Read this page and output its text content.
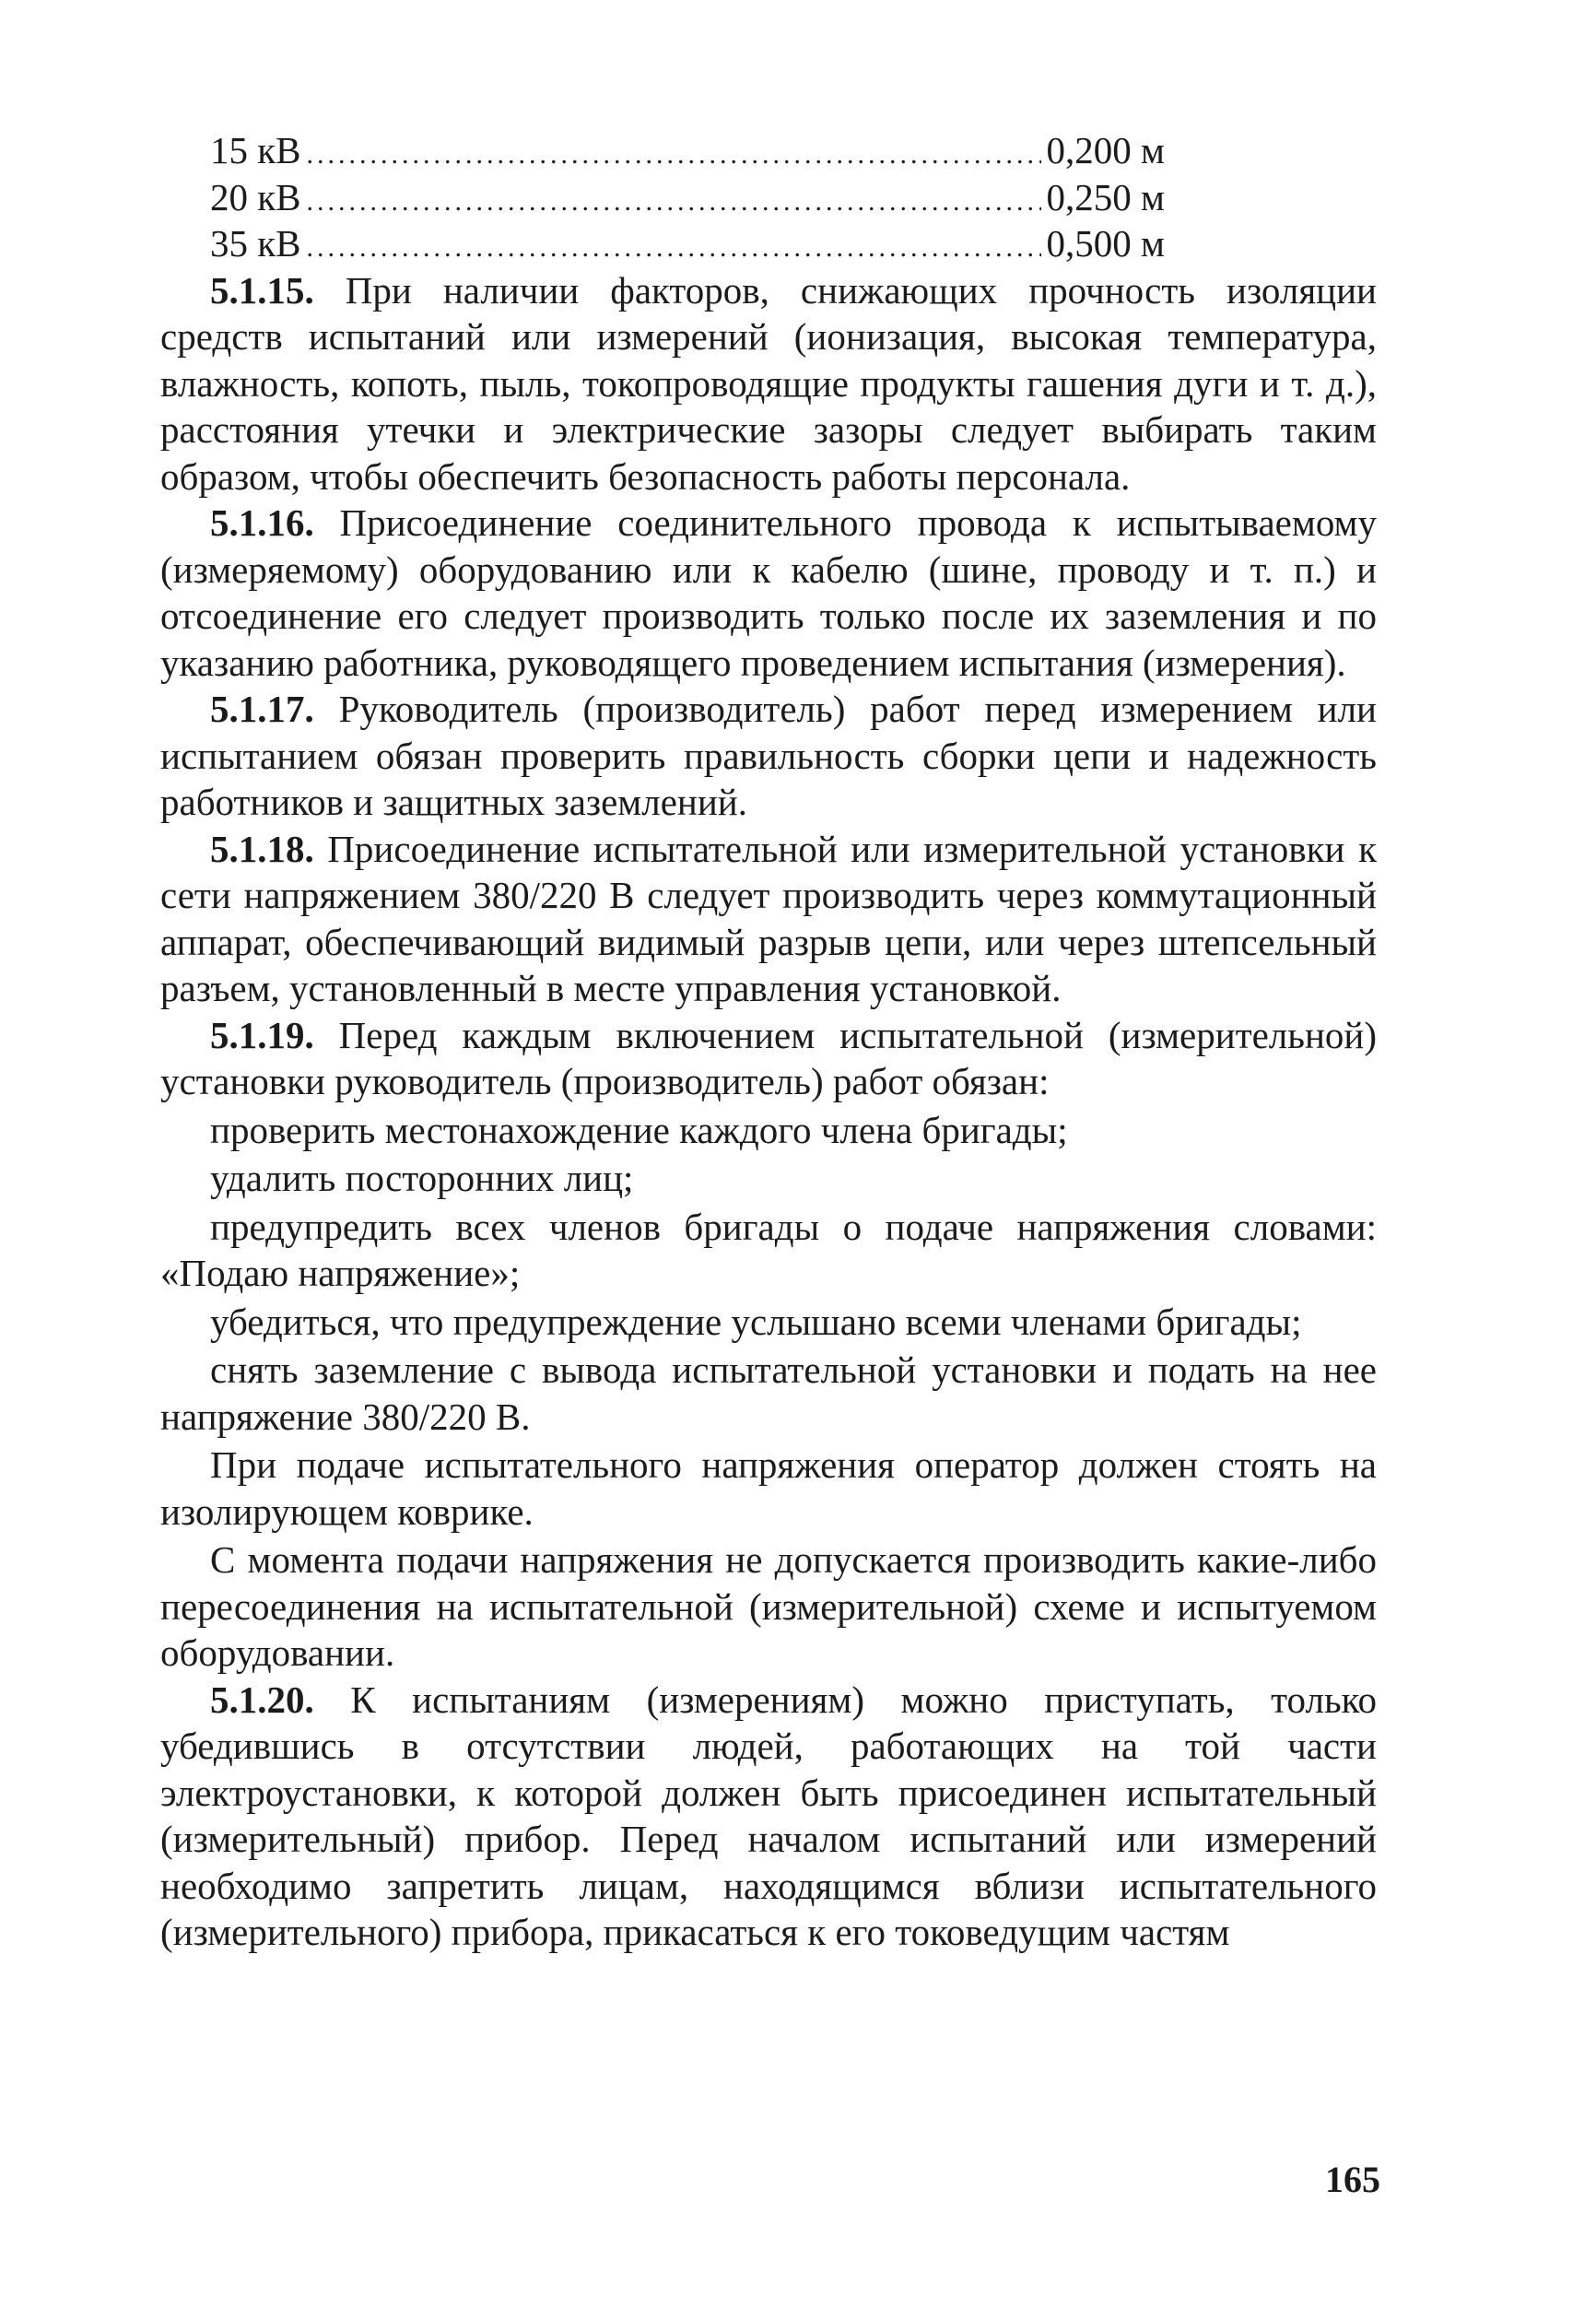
15 кВ .....	0,200 м
20 кВ .....	0,250 м
35 кВ .....	0,500 м

5.1.15. При наличии факторов, снижающих прочность изоляции средств испытаний или измерений (ионизация, высокая температура, влажность, копоть, пыль, токопроводящие продукты гашения дуги и т. д.), расстояния утечки и электрические зазоры следует выбирать таким образом, чтобы обеспечить безопасность работы персонала.

5.1.16. Присоединение соединительного провода к испытываемому (измеряемому) оборудованию или к кабелю (шине, проводу и т. п.) и отсоединение его следует производить только после их заземления и по указанию работника, руководящего проведением испытания (измерения).

5.1.17. Руководитель (производитель) работ перед измерением или испытанием обязан проверить правильность сборки цепи и надежность работников и защитных заземлений.

5.1.18. Присоединение испытательной или измерительной установки к сети напряжением 380/220 В следует производить через коммутационный аппарат, обеспечивающий видимый разрыв цепи, или через штепсельный разъем, установленный в месте управления установкой.

5.1.19. Перед каждым включением испытательной (измерительной) установки руководитель (производитель) работ обязан:

проверить местонахождение каждого члена бригады;

удалить посторонних лиц;

предупредить всех членов бригады о подаче напряжения словами: «Подаю напряжение»;

убедиться, что предупреждение услышано всеми членами бригады;

снять заземление с вывода испытательной установки и подать на нее напряжение 380/220 В.

При подаче испытательного напряжения оператор должен стоять на изолирующем коврике.

С момента подачи напряжения не допускается производить какие-либо пересоединения на испытательной (измерительной) схеме и испытуемом оборудовании.

5.1.20. К испытаниям (измерениям) можно приступать, только убедившись в отсутствии людей, работающих на той части электроустановки, к которой должен быть присоединен испытательный (измерительный) прибор. Перед началом испытаний или измерений необходимо запретить лицам, находящимся вблизи испытательного (измерительного) прибора, прикасаться к его токоведущим частям

165
